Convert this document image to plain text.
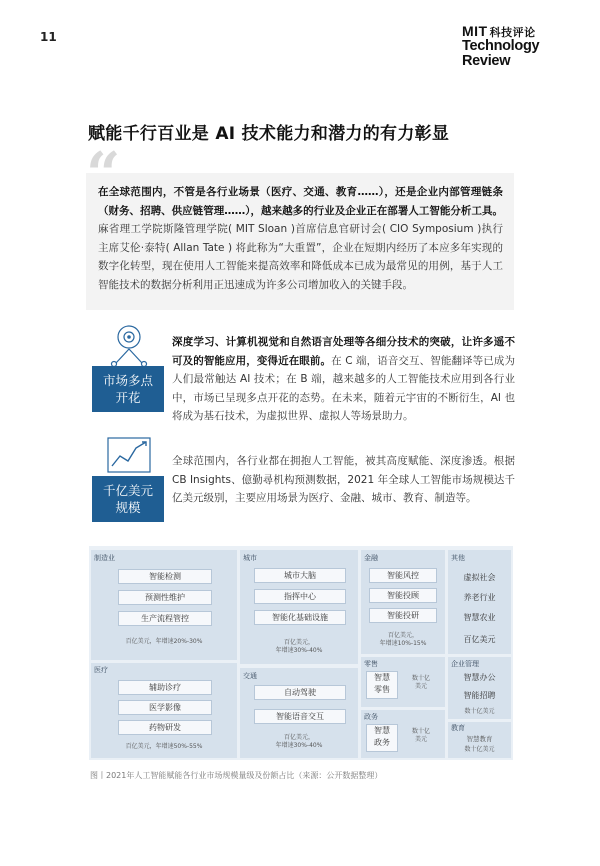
11	MIT 科技评论
Technology
Review
赋能千行百业是 AI 技术能力和潜力的有力彰显
“
在全球范围内，不管是各行业场景（医疗、交通、教育……），还是企业内部管理链条（财务、招聘、供应链管理……），越来越多的行业及企业正在部署人工智能分析工具。麻省理工学院斯隆管理学院( MIT Sloan )首席信息官研讨会( CIO Symposium )执行主席艾伦·泰特( Allan Tate ) 将此称为“大重置”，企业在短期内经历了本应多年实现的数字化转型，现在使用人工智能来提高效率和降低成本已成为最常见的用例，基于人工智能技术的数据分析利用正迅速成为许多公司增加收入的关键手段。
市场多点
开花
深度学习、计算机视觉和自然语言处理等各细分技术的突破，让许多遥不可及的智能应用，变得近在眼前。在 C 端，语音交互、智能翻译等已成为人们最常触达 AI 技术；在 B 端，越来越多的人工智能技术应用到各行业中，市场已呈现多点开花的态势。在未来，随着元宇宙的不断衍生，AI 也将成为基石技术，为虚拟世界、虚拟人等场景助力。
千亿美元
规模
全球范围内，各行业都在拥抱人工智能，被其高度赋能、深度渗透。根据 CB Insights、億勤尋机构预测数据，2021 年全球人工智能市场规模达千亿美元级别，主要应用场景为医疗、金融、城市、教育、制造等。
制造业
智能检测
预测性维护
生产流程管控
百亿美元，年增速20%-30%
医疗
辅助诊疗
医学影像
药物研发
百亿美元，年增速50%-55%
城市
城市大脑
指挥中心
智能化基础设施
百亿美元，
年增速30%-40%
交通
自动驾驶
智能语音交互
百亿美元，
年增速30%-40%
金融
智能风控
智能投顾
智能投研
百亿美元，
年增速10%-15%
零售
智慧
零售
数十亿
美元
政务
智慧
政务
数十亿
美元
其他
虚拟社会
养老行业
智慧农业
百亿美元
企业管理
智慧办公
智能招聘
数十亿美元
教育
智慧教育
数十亿美元
图丨2021年人工智能赋能各行业市场规模量级及份额占比（来源：公开数据整理）
